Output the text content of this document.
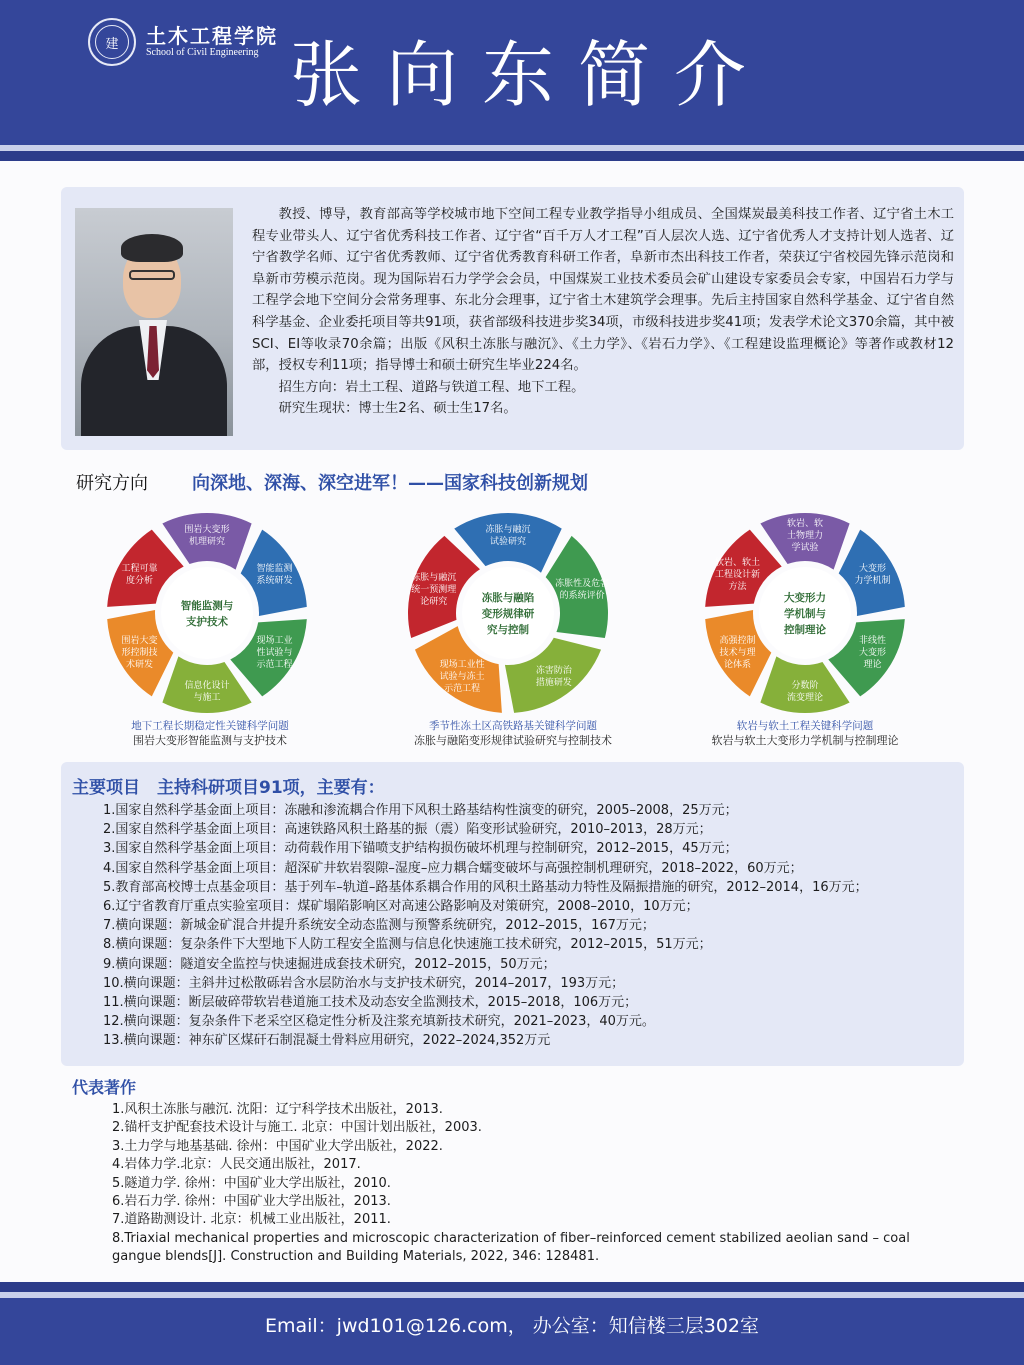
建	土木工程学院
School of Civil Engineering 张向东简介

教授、博导，教育部高等学校城市地下空间工程专业教学指导小组成员、全国煤炭最美科技工作者、辽宁省土木工程专业带头人、辽宁省优秀科技工作者、辽宁省“百千万人才工程”百人层次人选、辽宁省优秀人才支持计划人选者、辽宁省教学名师、辽宁省优秀教师、辽宁省优秀教育科研工作者，阜新市杰出科技工作者，荣获辽宁省校园先锋示范岗和阜新市劳模示范岗。现为国际岩石力学学会会员，中国煤炭工业技术委员会矿山建设专家委员会专家，中国岩石力学与工程学会地下空间分会常务理事、东北分会理事，辽宁省土木建筑学会理事。先后主持国家自然科学基金、辽宁省自然科学基金、企业委托项目等共91项，获省部级科技进步奖34项，市级科技进步奖41项；发表学术论文370余篇，其中被SCI、EI等收录70余篇；出版《风积土冻胀与融沉》、《土力学》、《岩石力学》、《工程建设监理概论》等著作或教材12部，授权专利11项；指导博士和硕士研究生毕业224名。

招生方向：岩土工程、道路与铁道工程、地下工程。

研究生现状：博士生2名、硕士生17名。

研究方向 向深地、深海、深空进军！——国家科技创新规划
围岩大变形机理研究
智能监测系统研发
现场工业性试验与示范工程
信息化设计与施工
围岩大变形控制技术研发
工程可靠度分析
智能监测与支护技术
冻胀与融沉试验研究
冻胀性及危害的系统评价
冻害防治措施研发
现场工业性试验与冻土示范工程
冻胀与融沉统一预测理论研究	冻胀与融陷变形规律研究与控制
软岩、软土物理力学试验
大变形力学机制
非线性大变形理论
分数阶流变理论
高强控制技术与理论体系
软岩、软土工程设计新方法
大变形力学机制与控制理论
地下工程长期稳定性关键科学问题
围岩大变形智能监测与支护技术
季节性冻土区高铁路基关键科学问题
冻胀与融陷变形规律试验研究与控制技术
软岩与软土工程关键科学问题
软岩与软土大变形力学机制与控制理论
主要项目　主持科研项目91项，主要有：
1.国家自然科学基金面上项目：冻融和渗流耦合作用下风积土路基结构性演变的研究，2005–2008，25万元；
2.国家自然科学基金面上项目：高速铁路风积土路基的振（震）陷变形试验研究，2010–2013，28万元；
3.国家自然科学基金面上项目：动荷载作用下锚喷支护结构损伤破坏机理与控制研究，2012–2015，45万元；
4.国家自然科学基金面上项目：超深矿井软岩裂隙–湿度–应力耦合蠕变破坏与高强控制机理研究，2018–2022，60万元；
5.教育部高校博士点基金项目：基于列车–轨道–路基体系耦合作用的风积土路基动力特性及隔振措施的研究，2012–2014，16万元；
6.辽宁省教育厅重点实验室项目：煤矿塌陷影响区对高速公路影响及对策研究，2008–2010，10万元；
7.横向课题：新城金矿混合井提升系统安全动态监测与预警系统研究，2012–2015，167万元；
8.横向课题：复杂条件下大型地下人防工程安全监测与信息化快速施工技术研究，2012–2015，51万元；
9.横向课题：隧道安全监控与快速掘进成套技术研究，2012–2015，50万元；
10.横向课题：主斜井过松散砾岩含水层防治水与支护技术研究，2014–2017，193万元；
11.横向课题：断层破碎带软岩巷道施工技术及动态安全监测技术，2015–2018，106万元；
12.横向课题：复杂条件下老采空区稳定性分析及注浆充填新技术研究，2021–2023，40万元。
13.横向课题：神东矿区煤矸石制混凝土骨料应用研究，2022–2024,352万元
代表著作
1.风积土冻胀与融沉. 沈阳：辽宁科学技术出版社，2013.
2.锚杆支护配套技术设计与施工. 北京：中国计划出版社，2003.
3.土力学与地基基础. 徐州：中国矿业大学出版社，2022.
4.岩体力学.北京：人民交通出版社，2017.
5.隧道力学. 徐州：中国矿业大学出版社，2010.
6.岩石力学. 徐州：中国矿业大学出版社，2013.
7.道路勘测设计. 北京：机械工业出版社，2011.
8.Triaxial mechanical properties and microscopic characterization of fiber–reinforced cement stabilized aeolian sand – coal gangue blends[J]. Construction and Building Materials, 2022, 346: 128481.
Email：jwd101@126.com， 办公室：知信楼三层302室
